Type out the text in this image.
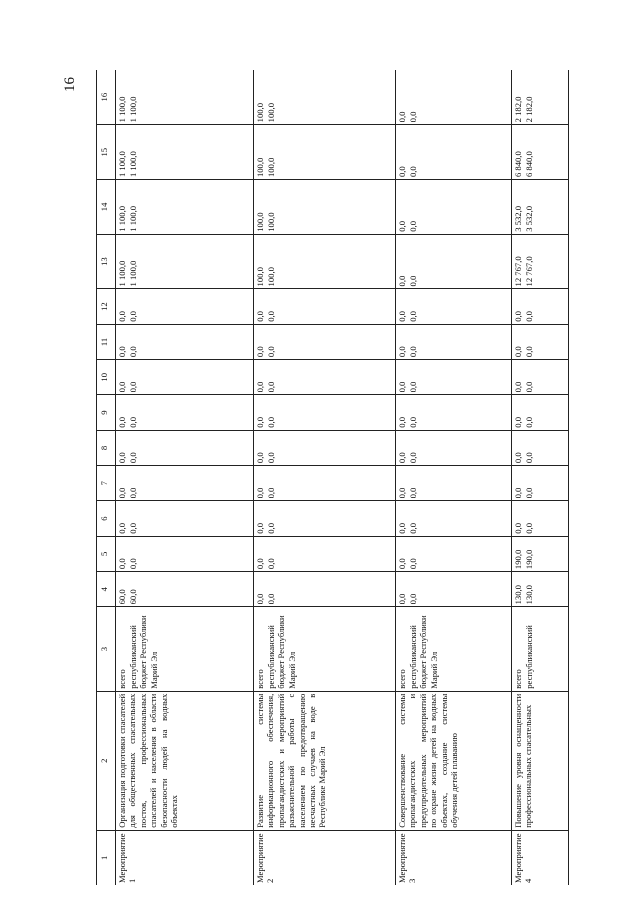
16
1	2	3	4	5	6	7	8	9	10	11	12	13	14	15	16
Мероприятие 1	Организация подготовки спасателей для общественных спасательных постов, профессиональных спасателей и населения в области безопасности людей на водных объектах	всего республиканский бюджет Республики Марий Эл	60,0 60,0	0,0 0,0	0,0 0,0	0,0 0,0	0,0 0,0	0,0 0,0	0,0 0,0	0,0 0,0	0,0 0,0	1 100,0 1 100,0	1 100,0 1 100,0	1 100,0 1 100,0	1 100,0 1 100,0

Мероприятие 2	Развитие системы информационного обеспечения, пропагандистских и мероприятий разъяснительной работы с населением по предотвращению несчастных случаев на воде в Республике Марий Эл	всего республиканский бюджет Республики Марий Эл	0,0 0,0	0,0 0,0	0,0 0,0	0,0 0,0	0,0 0,0	0,0 0,0	0,0 0,0	0,0 0,0	0,0 0,0	100,0 100,0	100,0 100,0	100,0 100,0	100,0 100,0

Мероприятие 3	Совершенствование системы пропагандистских и предупредительных мероприятий по охране жизни детей на водных объектах, создание системы обучения детей плаванию	всего республиканский бюджет Республики Марий Эл	0,0 0,0	0,0 0,0	0,0 0,0	0,0 0,0	0,0 0,0	0,0 0,0	0,0 0,0	0,0 0,0	0,0 0,0	0,0 0,0	0,0 0,0	0,0 0,0	0,0 0,0

Мероприятие 4	Повышение уровня оснащенности профессиональных спасательных	всего республиканский	130,0 130,0	190,0 190,0	0,0 0,0	0,0 0,0	0,0 0,0	0,0 0,0	0,0 0,0	0,0 0,0	0,0 0,0	12 767,0 12 767,0	3 532,0 3 532,0	6 840,0 6 840,0	2 182,0 2 182,0
